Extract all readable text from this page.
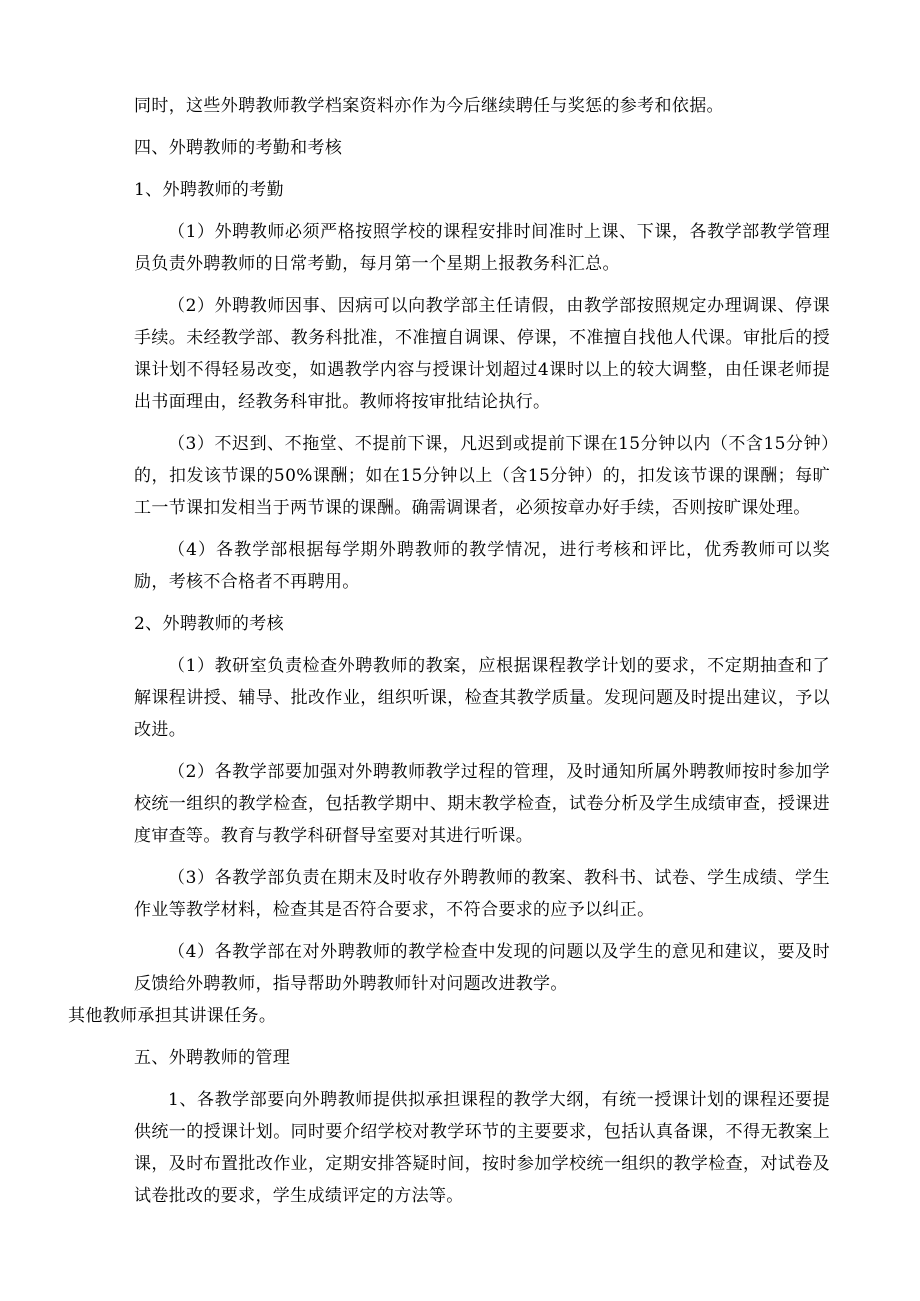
同时，这些外聘教师教学档案资料亦作为今后继续聘任与奖惩的参考和依据。

四、外聘教师的考勤和考核

1、外聘教师的考勤

（1）外聘教师必须严格按照学校的课程安排时间准时上课、下课，各教学部教学管理员负责外聘教师的日常考勤，每月第一个星期上报教务科汇总。

（2）外聘教师因事、因病可以向教学部主任请假，由教学部按照规定办理调课、停课手续。未经教学部、教务科批准，不准擅自调课、停课，不准擅自找他人代课。审批后的授课计划不得轻易改变，如遇教学内容与授课计划超过4课时以上的较大调整，由任课老师提出书面理由，经教务科审批。教师将按审批结论执行。

（3）不迟到、不拖堂、不提前下课，凡迟到或提前下课在15分钟以内（不含15分钟）的，扣发该节课的50%课酬；如在15分钟以上（含15分钟）的，扣发该节课的课酬；每旷工一节课扣发相当于两节课的课酬。确需调课者，必须按章办好手续，否则按旷课处理。

（4）各教学部根据每学期外聘教师的教学情况，进行考核和评比，优秀教师可以奖励，考核不合格者不再聘用。

2、外聘教师的考核

（1）教研室负责检查外聘教师的教案，应根据课程教学计划的要求，不定期抽查和了解课程讲授、辅导、批改作业，组织听课，检查其教学质量。发现问题及时提出建议，予以改进。

（2）各教学部要加强对外聘教师教学过程的管理，及时通知所属外聘教师按时参加学校统一组织的教学检查，包括教学期中、期末教学检查，试卷分析及学生成绩审查，授课进度审查等。教育与教学科研督导室要对其进行听课。

（3）各教学部负责在期末及时收存外聘教师的教案、教科书、试卷、学生成绩、学生作业等教学材料，检查其是否符合要求，不符合要求的应予以纠正。

（4）各教学部在对外聘教师的教学检查中发现的问题以及学生的意见和建议，要及时反馈给外聘教师，指导帮助外聘教师针对问题改进教学。

其他教师承担其讲课任务。

五、外聘教师的管理

1、各教学部要向外聘教师提供拟承担课程的教学大纲，有统一授课计划的课程还要提供统一的授课计划。同时要介绍学校对教学环节的主要要求，包括认真备课，不得无教案上课，及时布置批改作业，定期安排答疑时间，按时参加学校统一组织的教学检查，对试卷及试卷批改的要求，学生成绩评定的方法等。
